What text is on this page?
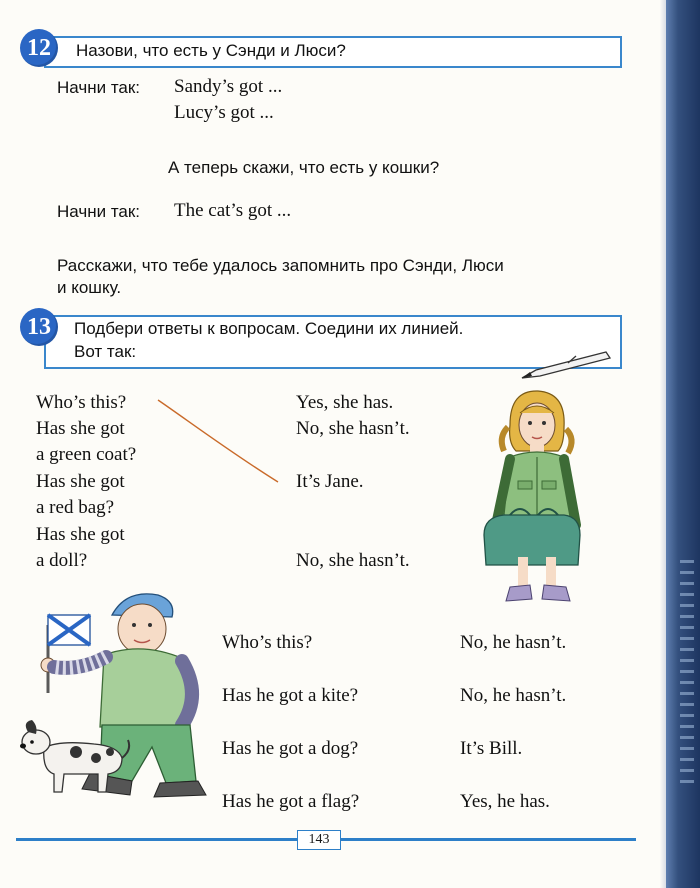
12	Назови, что есть у Сэнди и Люси?
Начни так: Sandy’s got ...
Lucy’s got ...
А теперь скажи, что есть у кошки?
Начни так: The cat’s got ...
Расскажи, что тебе удалось запомнить про Сэнди, Люси
и кошку.
13	Подбери ответы к вопросам. Соедини их линией.
Вот так:
Who’s this?
Has she got
a green coat?
Has she got
a red bag?
Has she got
a doll?
Yes, she has.
No, she hasn’t.
It’s Jane.
No, she hasn’t.
Who’s this?
Has he got a kite?
Has he got a dog?
Has he got a flag?
No, he hasn’t.
No, he hasn’t.
It’s Bill.
Yes, he has.
143
